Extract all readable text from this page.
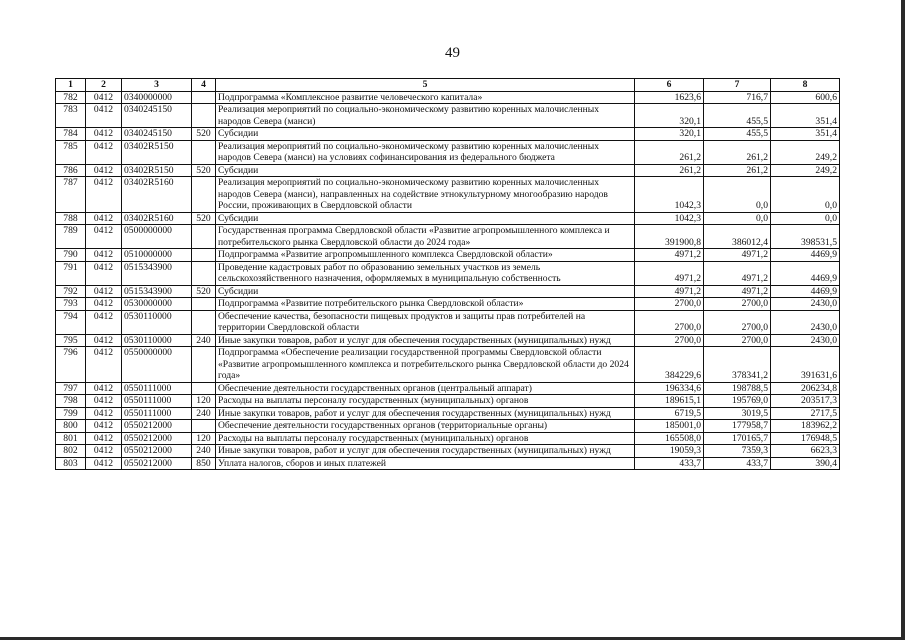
49
1	2	3	4	5	6	7	8
782	0412	0340000000		Подпрограмма «Комплексное развитие человеческого капитала»	1623,6	716,7	600,6
783	0412	0340245150		Реализация мероприятий по социально-экономическому развитию коренных малочисленных народов Севера (манси)	320,1	455,5	351,4
784	0412	0340245150	520	Субсидии	320,1	455,5	351,4
785	0412	03402R5150		Реализация мероприятий по социально-экономическому развитию коренных малочисленных народов Севера (манси) на условиях софинансирования из федерального бюджета	261,2	261,2	249,2
786	0412	03402R5150	520	Субсидии	261,2	261,2	249,2
787	0412	03402R5160		Реализация мероприятий по социально-экономическому развитию коренных малочисленных народов Севера (манси), направленных на содействие этнокультурному многообразию народов России, проживающих в Свердловской области	1042,3	0,0	0,0
788	0412	03402R5160	520	Субсидии	1042,3	0,0	0,0
789	0412	0500000000		Государственная программа Свердловской области «Развитие агропромышленного комплекса и потребительского рынка Свердловской области до 2024 года»	391900,8	386012,4	398531,5
790	0412	0510000000		Подпрограмма «Развитие агропромышленного комплекса Свердловской области»	4971,2	4971,2	4469,9
791	0412	0515343900		Проведение кадастровых работ по образованию земельных участков из земель сельскохозяйственного назначения, оформляемых в муниципальную собственность	4971,2	4971,2	4469,9
792	0412	0515343900	520	Субсидии	4971,2	4971,2	4469,9
793	0412	0530000000		Подпрограмма «Развитие потребительского рынка Свердловской области»	2700,0	2700,0	2430,0
794	0412	0530110000		Обеспечение качества, безопасности пищевых продуктов и защиты прав потребителей на территории Свердловской области	2700,0	2700,0	2430,0
795	0412	0530110000	240	Иные закупки товаров, работ и услуг для обеспечения государственных (муниципальных) нужд	2700,0	2700,0	2430,0
796	0412	0550000000		Подпрограмма «Обеспечение реализации государственной программы Свердловской области «Развитие агропромышленного комплекса и потребительского рынка Свердловской области до 2024 года»	384229,6	378341,2	391631,6
797	0412	0550111000		Обеспечение деятельности государственных органов (центральный аппарат)	196334,6	198788,5	206234,8
798	0412	0550111000	120	Расходы на выплаты персоналу государственных (муниципальных) органов	189615,1	195769,0	203517,3
799	0412	0550111000	240	Иные закупки товаров, работ и услуг для обеспечения государственных (муниципальных) нужд	6719,5	3019,5	2717,5
800	0412	0550212000		Обеспечение деятельности государственных органов (территориальные органы)	185001,0	177958,7	183962,2
801	0412	0550212000	120	Расходы на выплаты персоналу государственных (муниципальных) органов	165508,0	170165,7	176948,5
802	0412	0550212000	240	Иные закупки товаров, работ и услуг для обеспечения государственных (муниципальных) нужд	19059,3	7359,3	6623,3
803	0412	0550212000	850	Уплата налогов, сборов и иных платежей	433,7	433,7	390,4
